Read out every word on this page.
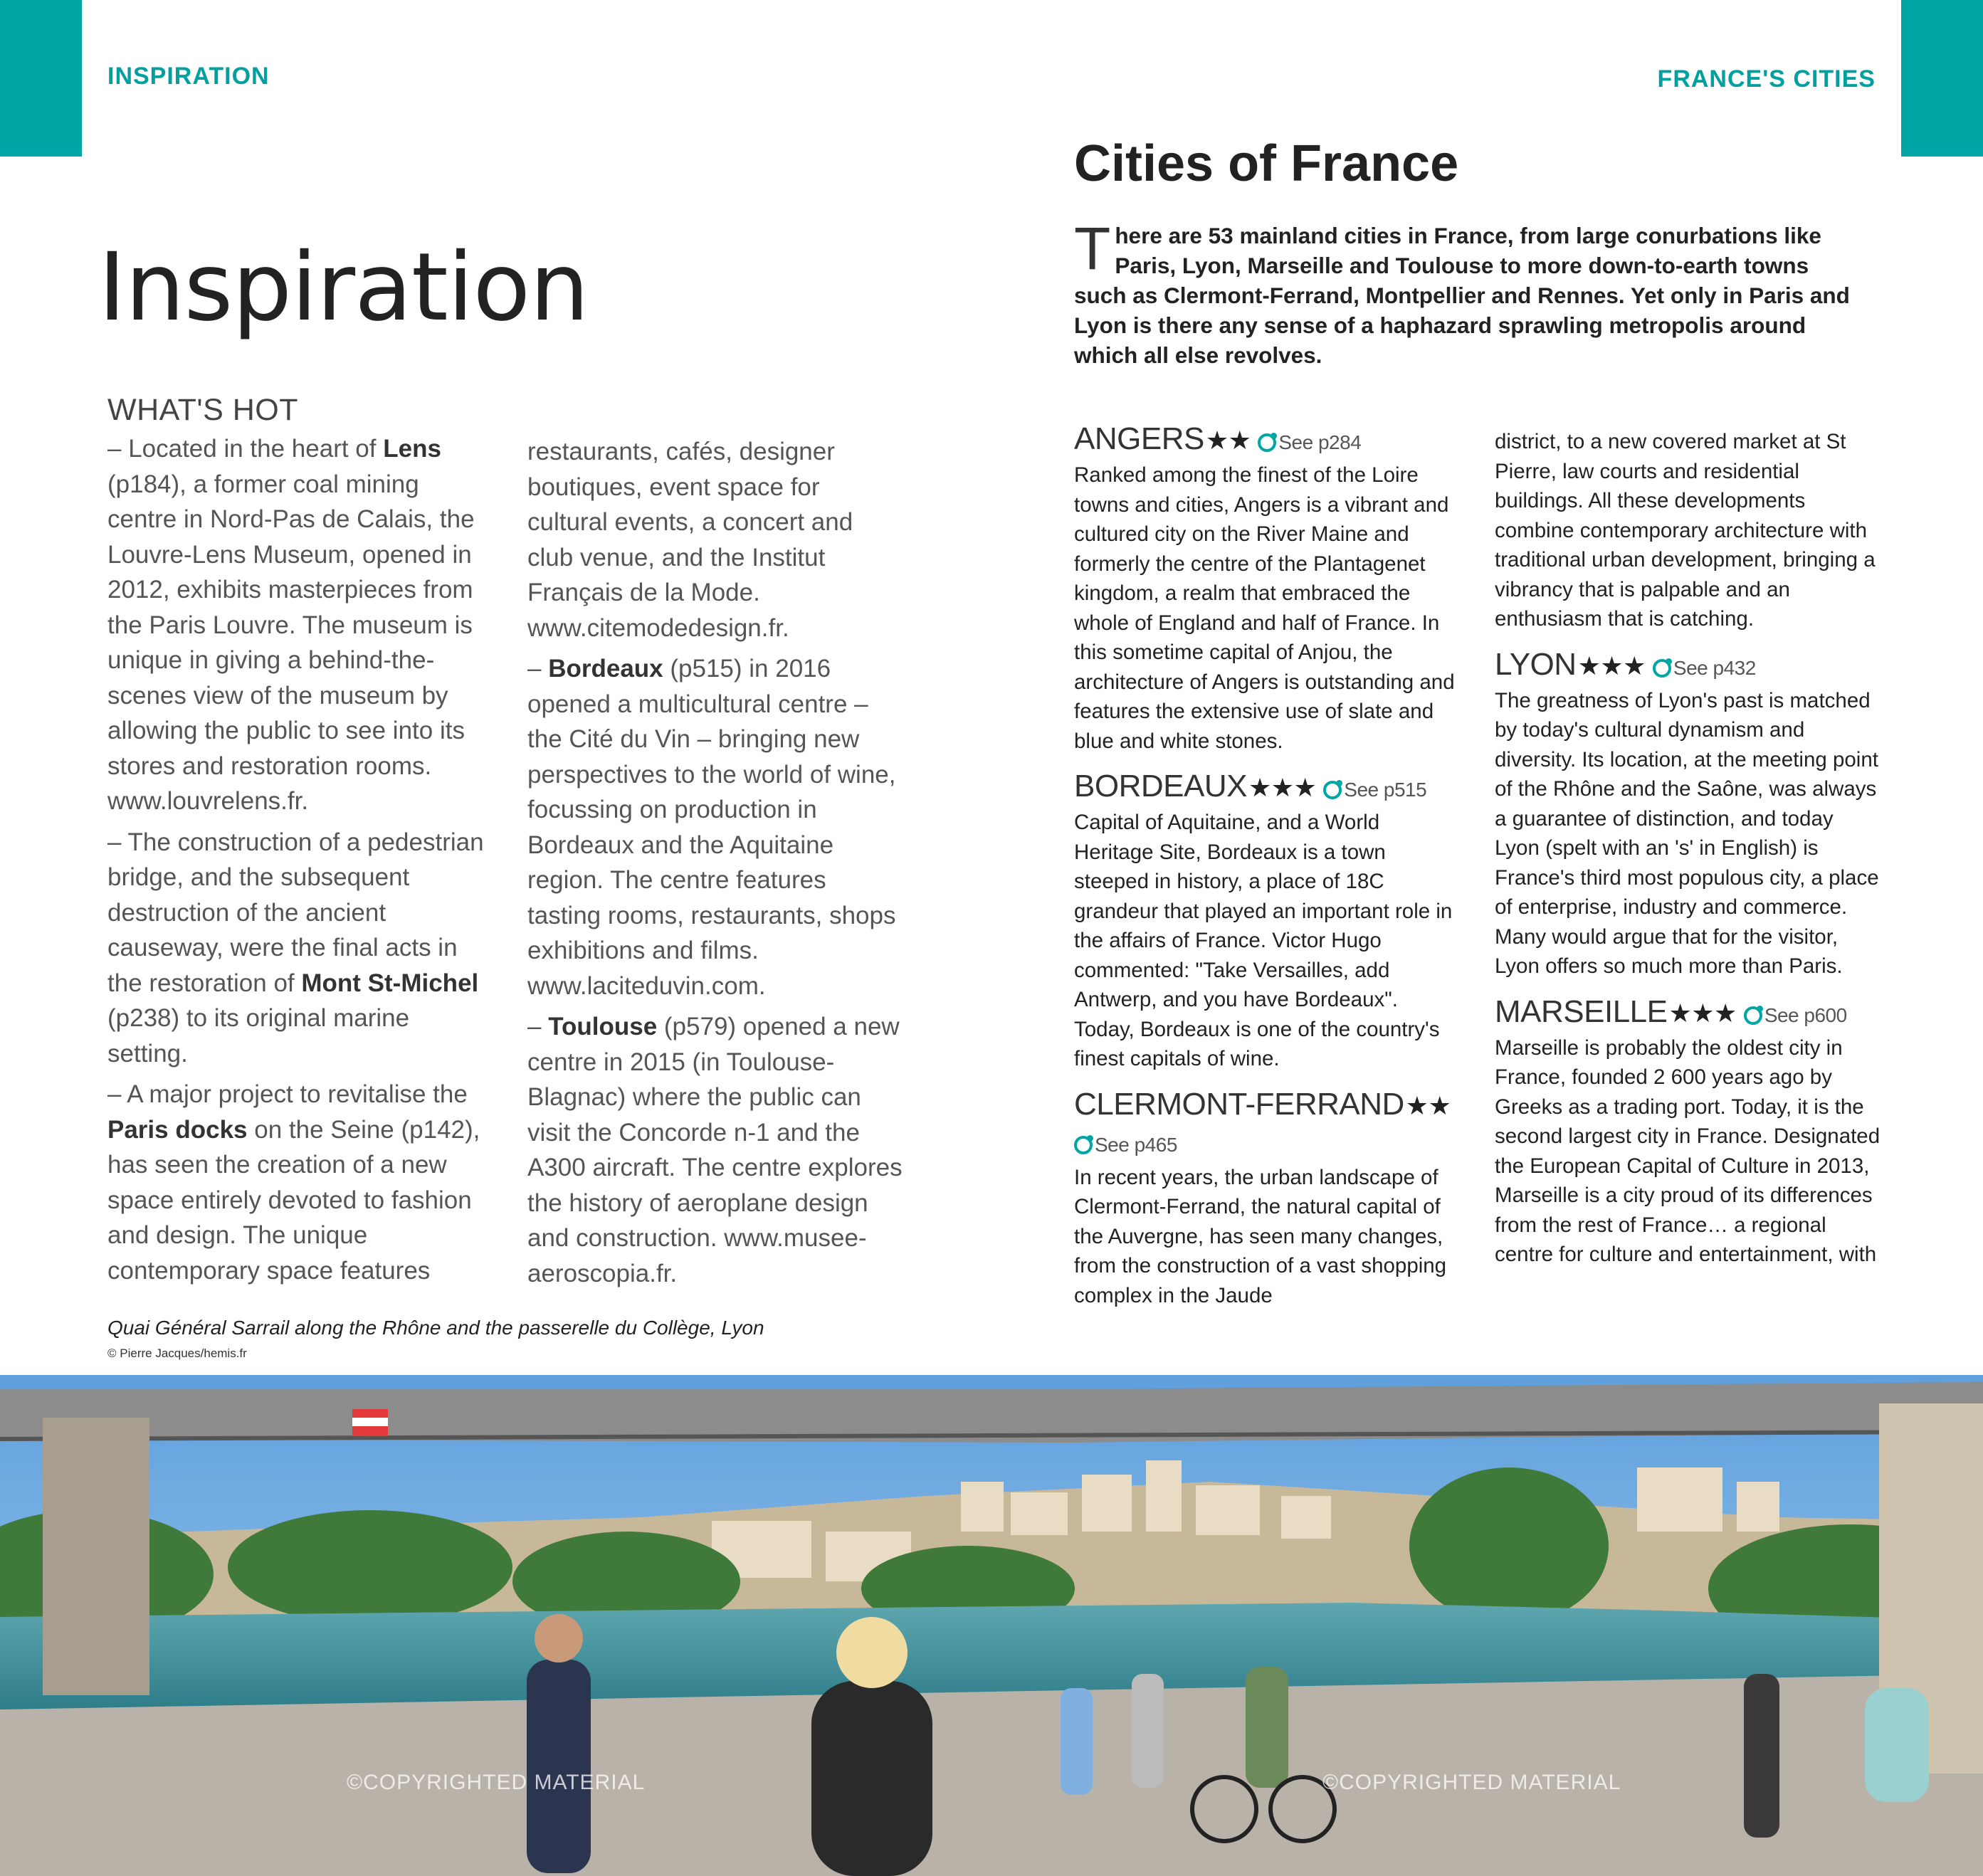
INSPIRATION	FRANCE'S CITIES
Inspiration
WHAT'S HOT

– Located in the heart of Lens (p184), a former coal mining centre in Nord-Pas de Calais, the Louvre-Lens Museum, opened in 2012, exhibits masterpieces from the Paris Louvre. The museum is unique in giving a behind-the-scenes view of the museum by allowing the public to see into its stores and restoration rooms. www.louvrelens.fr.

– The construction of a pedestrian bridge, and the subsequent destruction of the ancient causeway, were the final acts in the restoration of Mont St-Michel (p238) to its original marine setting.

– A major project to revitalise the Paris docks on the Seine (p142), has seen the creation of a new space entirely devoted to fashion and design. The unique contemporary space features

restaurants, cafés, designer boutiques, event space for cultural events, a concert and club venue, and the Institut Français de la Mode. www.citemodedesign.fr.

– Bordeaux (p515) in 2016 opened a multicultural centre – the Cité du Vin – bringing new perspectives to the world of wine, focussing on production in Bordeaux and the Aquitaine region. The centre features tasting rooms, restaurants, shops exhibitions and films. www.laciteduvin.com.

– Toulouse (p579) opened a new centre in 2015 (in Toulouse-Blagnac) where the public can visit the Concorde n-1 and the A300 aircraft. The centre explores the history of aeroplane design and construction. www.musee-aeroscopia.fr.

Cities of France

There are 53 mainland cities in France, from large conurbations like Paris, Lyon, Marseille and Toulouse to more down-to-earth towns such as Clermont-Ferrand, Montpellier and Rennes. Yet only in Paris and Lyon is there any sense of a haphazard sprawling metropolis around which all else revolves.

ANGERS★★ See p284

Ranked among the finest of the Loire towns and cities, Angers is a vibrant and cultured city on the River Maine and formerly the centre of the Plantagenet kingdom, a realm that embraced the whole of England and half of France. In this sometime capital of Anjou, the architecture of Angers is outstanding and features the extensive use of slate and blue and white stones.

BORDEAUX★★★ See p515

Capital of Aquitaine, and a World Heritage Site, Bordeaux is a town steeped in history, a place of 18C grandeur that played an important role in the affairs of France. Victor Hugo commented: "Take Versailles, add Antwerp, and you have Bordeaux". Today, Bordeaux is one of the country's finest capitals of wine.

CLERMONT-FERRAND★★
See p465

In recent years, the urban landscape of Clermont-Ferrand, the natural capital of the Auvergne, has seen many changes, from the construction of a vast shopping complex in the Jaude

district, to a new covered market at St Pierre, law courts and residential buildings. All these developments combine contemporary architecture with traditional urban development, bringing a vibrancy that is palpable and an enthusiasm that is catching.

LYON★★★ See p432

The greatness of Lyon's past is matched by today's cultural dynamism and diversity. Its location, at the meeting point of the Rhône and the Saône, was always a guarantee of distinction, and today Lyon (spelt with an 's' in English) is France's third most populous city, a place of enterprise, industry and commerce. Many would argue that for the visitor, Lyon offers so much more than Paris.

MARSEILLE★★★ See p600

Marseille is probably the oldest city in France, founded 2 600 years ago by Greeks as a trading port. Today, it is the second largest city in France. Designated the European Capital of Culture in 2013, Marseille is a city proud of its differences from the rest of France… a regional centre for culture and entertainment, with

Quai Général Sarrail along the Rhône and the passerelle du Collège, Lyon
© Pierre Jacques/hemis.fr
©COPYRIGHTED MATERIAL	©COPYRIGHTED MATERIAL
